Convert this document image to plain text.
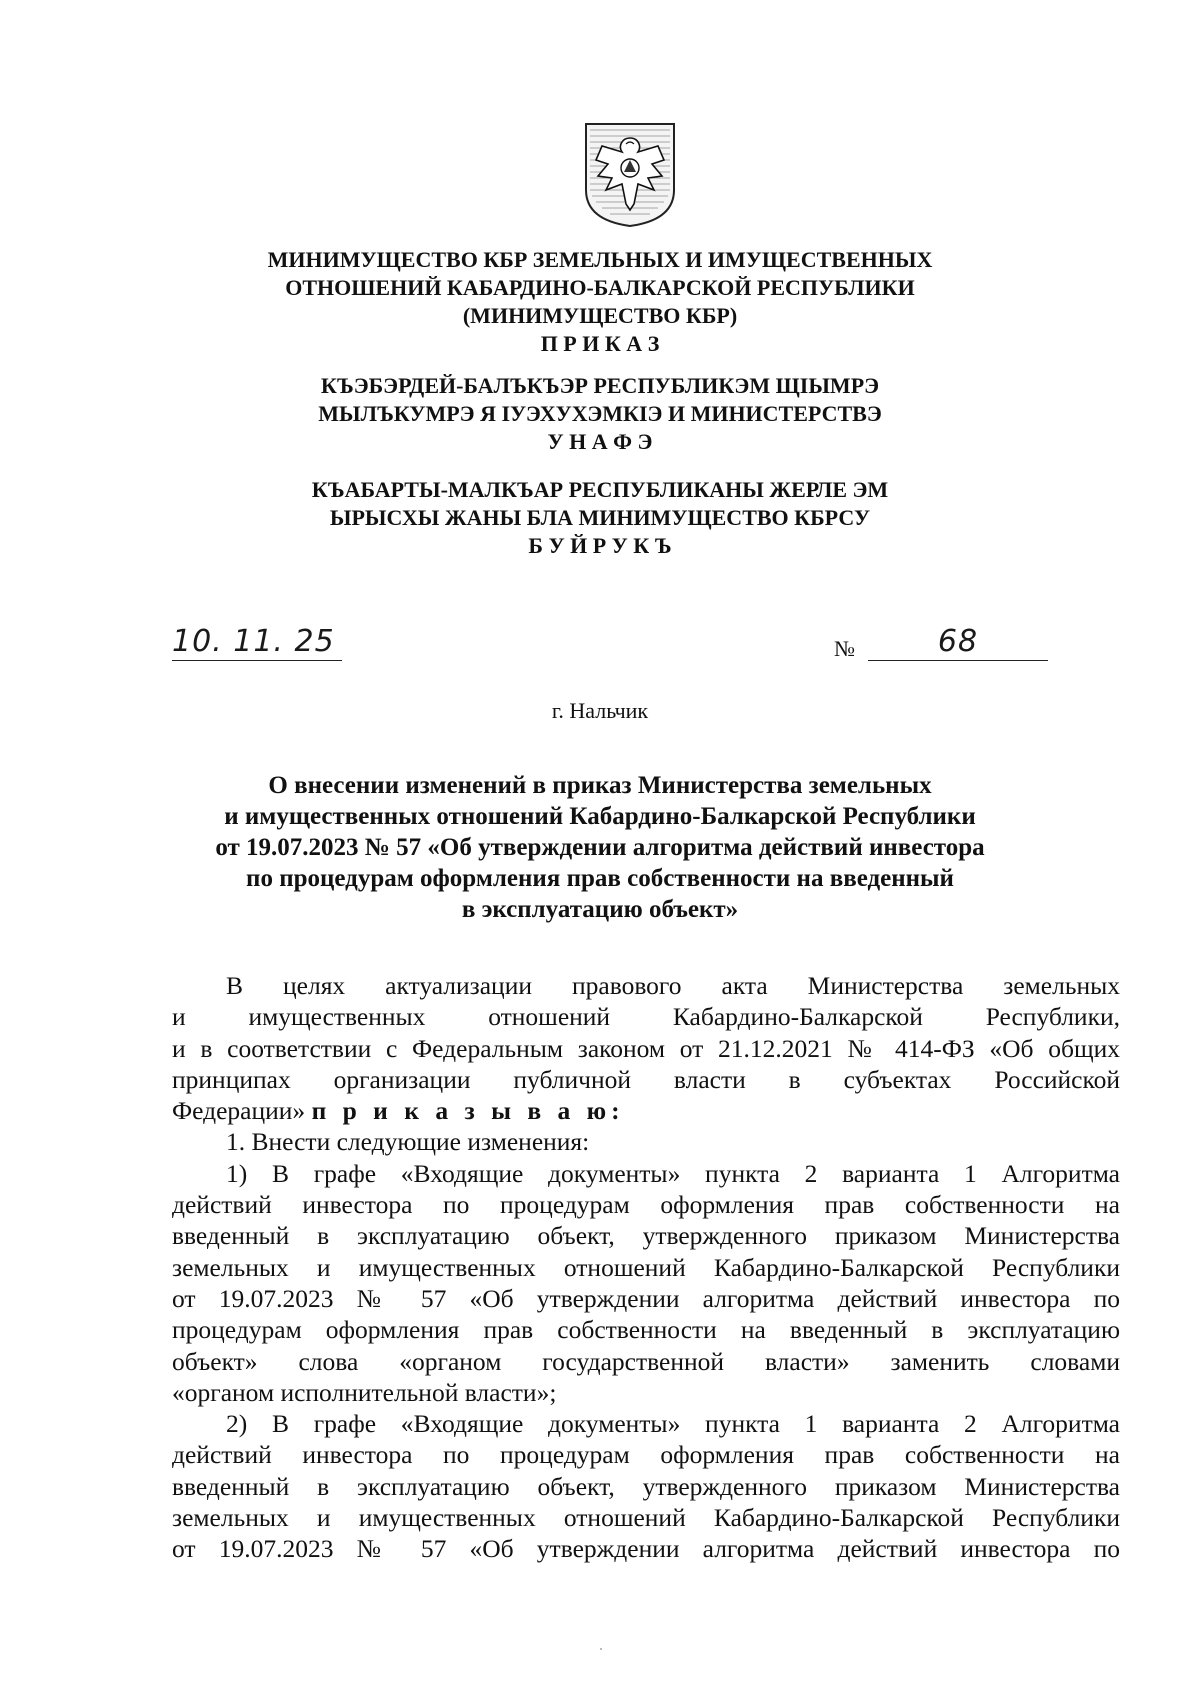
МИНИМУЩЕСТВО КБР ЗЕМЕЛЬНЫХ И ИМУЩЕСТВЕННЫХ
ОТНОШЕНИЙ КАБАРДИНО-БАЛКАРСКОЙ РЕСПУБЛИКИ
(МИНИМУЩЕСТВО КБР)
П Р И К А З
КЪЭБЭРДЕЙ-БАЛЪКЪЭР РЕСПУБЛИКЭМ ЩIЫМРЭ
МЫЛЪКУМРЭ Я IУЭХУХЭМКIЭ И МИНИСТЕРСТВЭ
У Н А Ф Э
КЪАБАРТЫ-МАЛКЪАР РЕСПУБЛИКАНЫ ЖЕРЛЕ ЭМ
ЫРЫСХЫ ЖАНЫ БЛА МИНИМУЩЕСТВО КБРСУ
Б У Й Р У К Ъ
10. 11. 25	№	68
г. Нальчик
О внесении изменений в приказ Министерства земельных
и имущественных отношений Кабардино-Балкарской Республики
от 19.07.2023 № 57 «Об утверждении алгоритма действий инвестора
по процедурам оформления прав собственности на введенный
в эксплуатацию объект»
В целях актуализации правового акта Министерства земельных
и имущественных отношений Кабардино-Балкарской Республики,
и в соответствии с Федеральным законом от 21.12.2021 № 414-ФЗ «Об общих
принципах организации публичной власти в субъектах Российской
Федерации» п р и к а з ы в а ю:
1. Внести следующие изменения:
1) В графе «Входящие документы» пункта 2 варианта 1 Алгоритма
действий инвестора по процедурам оформления прав собственности на
введенный в эксплуатацию объект, утвержденного приказом Министерства
земельных и имущественных отношений Кабардино-Балкарской Республики
от 19.07.2023 № 57 «Об утверждении алгоритма действий инвестора по
процедурам оформления прав собственности на введенный в эксплуатацию
объект» слова «органом государственной власти» заменить словами
«органом исполнительной власти»;
2) В графе «Входящие документы» пункта 1 варианта 2 Алгоритма
действий инвестора по процедурам оформления прав собственности на
введенный в эксплуатацию объект, утвержденного приказом Министерства
земельных и имущественных отношений Кабардино-Балкарской Республики
от 19.07.2023 № 57 «Об утверждении алгоритма действий инвестора по
